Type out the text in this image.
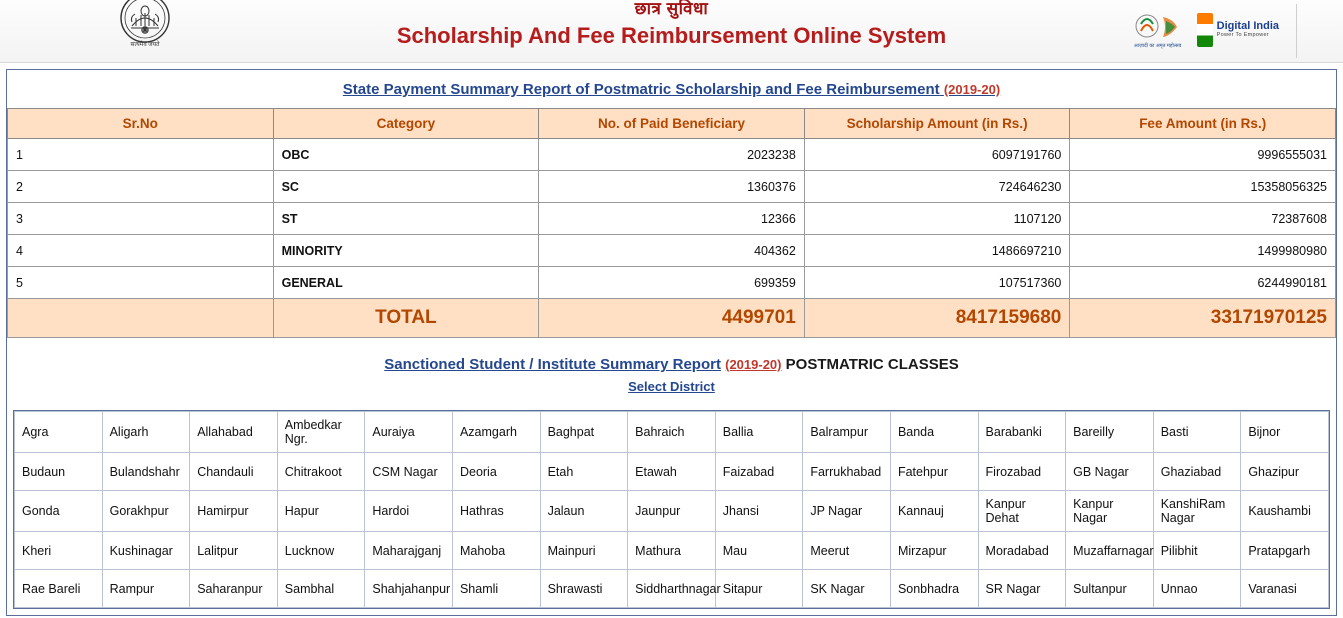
सत्यमेव जयते
छात्र सुविधा
Scholarship And Fee Reimbursement Online System	आज़ादी का अमृत महोत्सव
Digital India
Power To Empower
State Payment Summary Report of Postmatric Scholarship and Fee Reimbursement (2019-20)
Sr.No	Category	No. of Paid Beneficiary	Scholarship Amount (in Rs.)	Fee Amount (in Rs.)
1	OBC	2023238	6097191760	9996555031
2	SC	1360376	724646230	15358056325
3	ST	12366	1107120	72387608
4	MINORITY	404362	1486697210	1499980980
5	GENERAL	699359	107517360	6244990181
	TOTAL	4499701	8417159680	33171970125
Sanctioned Student / Institute Summary Report (2019-20) POSTMATRIC CLASSES
Select District
Agra	Aligarh	Allahabad	Ambedkar Ngr.	Auraiya	Azamgarh	Baghpat	Bahraich	Ballia	Balrampur	Banda	Barabanki	Bareilly	Basti	Bijnor
Budaun	Bulandshahr	Chandauli	Chitrakoot	CSM Nagar	Deoria	Etah	Etawah	Faizabad	Farrukhabad	Fatehpur	Firozabad	GB Nagar	Ghaziabad	Ghazipur
Gonda	Gorakhpur	Hamirpur	Hapur	Hardoi	Hathras	Jalaun	Jaunpur	Jhansi	JP Nagar	Kannauj	Kanpur Dehat	Kanpur Nagar	KanshiRam Nagar	Kaushambi
Kheri	Kushinagar	Lalitpur	Lucknow	Maharajganj	Mahoba	Mainpuri	Mathura	Mau	Meerut	Mirzapur	Moradabad	Muzaffarnagar	Pilibhit	Pratapgarh
Rae Bareli	Rampur	Saharanpur	Sambhal	Shahjahanpur	Shamli	Shrawasti	Siddharthnagar	Sitapur	SK Nagar	Sonbhadra	SR Nagar	Sultanpur	Unnao	Varanasi
